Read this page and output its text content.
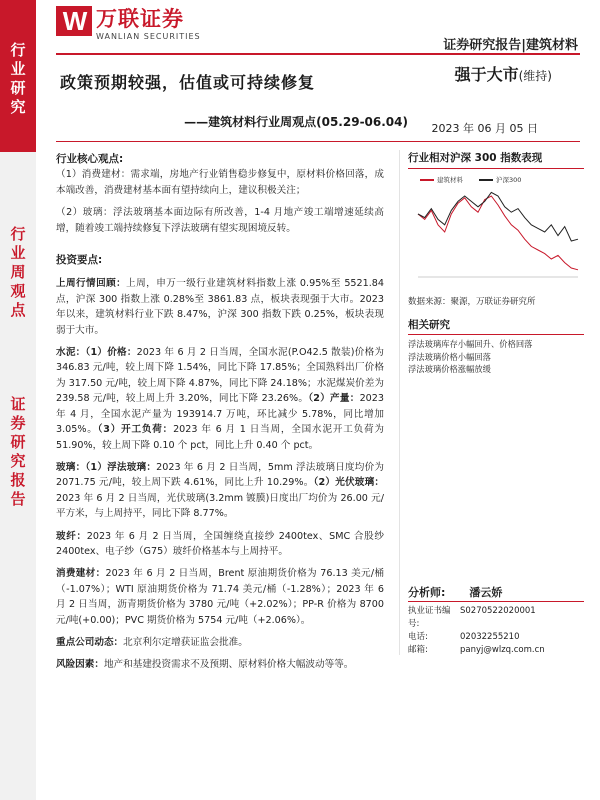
行业研究
行业周观点
证券研究报告
W 万联证券
WANLIAN SECURITIES
证券研究报告|建筑材料
政策预期较强，估值或可持续修复
——建筑材料行业周观点(05.29-06.04)
强于大市(维持)
2023 年 06 月 05 日
行业核心观点:

（1）消费建材：需求端，房地产行业销售稳步修复中，原材料价格回落，成本端改善，消费建材基本面有望持续向上，建议积极关注；

（2）玻璃：浮法玻璃基本面边际有所改善，1-4 月地产竣工端增速延续高增，随着竣工端持续修复下浮法玻璃有望实现困境反转。

投资要点:

上周行情回顾：上周，申万一级行业建筑材料指数上涨 0.95%至 5521.84 点，沪深 300 指数上涨 0.28%至 3861.83 点，板块表现强于大市。2023 年以来，建筑材料行业下跌 8.47%，沪深 300 指数下跌 0.25%，板块表现弱于大市。

水泥：（1）价格：2023 年 6 月 2 日当周，全国水泥(P.O42.5 散装)价格为 346.83 元/吨，较上周下降 1.54%，同比下降 17.85%；全国熟料出厂价格为 317.50 元/吨，较上周下降 4.87%，同比下降 24.18%；水泥煤炭价差为 239.58 元/吨，较上周上升 3.20%，同比下降 23.26%。（2）产量：2023 年 4 月，全国水泥产量为 193914.7 万吨，环比减少 5.78%，同比增加 3.05%。（3）开工负荷：2023 年 6 月 1 日当周，全国水泥开工负荷为 51.90%，较上周下降 0.10 个 pct，同比上升 0.40 个 pct。

玻璃：（1）浮法玻璃：2023 年 6 月 2 日当周，5mm 浮法玻璃日度均价为 2071.75 元/吨，较上周下跌 4.61%，同比上升 10.29%。（2）光伏玻璃：2023 年 6 月 2 日当周，光伏玻璃(3.2mm 镀膜)日度出厂均价为 26.00 元/平方米，与上周持平，同比下降 8.77%。

玻纤：2023 年 6 月 2 日当周，全国缠绕直接纱 2400tex、SMC 合股纱 2400tex、电子纱（G75）玻纤价格基本与上周持平。

消费建材：2023 年 6 月 2 日当周，Brent 原油期货价格为 76.13 美元/桶（-1.07%）；WTI 原油期货价格为 71.74 美元/桶（-1.28%）；2023 年 6 月 2 日当周，沥青期货价格为 3780 元/吨（+2.02%）；PP-R 价格为 8700 元/吨(+0.00)；PVC 期货价格为 5754 元/吨（+2.06%）。

重点公司动态：北京利尔定增获证监会批准。

风险因素：地产和基建投资需求不及预期、原材料价格大幅波动等等。

行业相对沪深 300 指数表现
建筑材料	沪深300
数据来源：聚源，万联证券研究所
相关研究
浮法玻璃库存小幅回升、价格回落
浮法玻璃价格小幅回落
浮法玻璃价格涨幅放缓
分析师: 潘云娇
执业证书编号:
S0270522020001
电话:	02032255210
邮箱:	panyj@wlzq.com.cn
